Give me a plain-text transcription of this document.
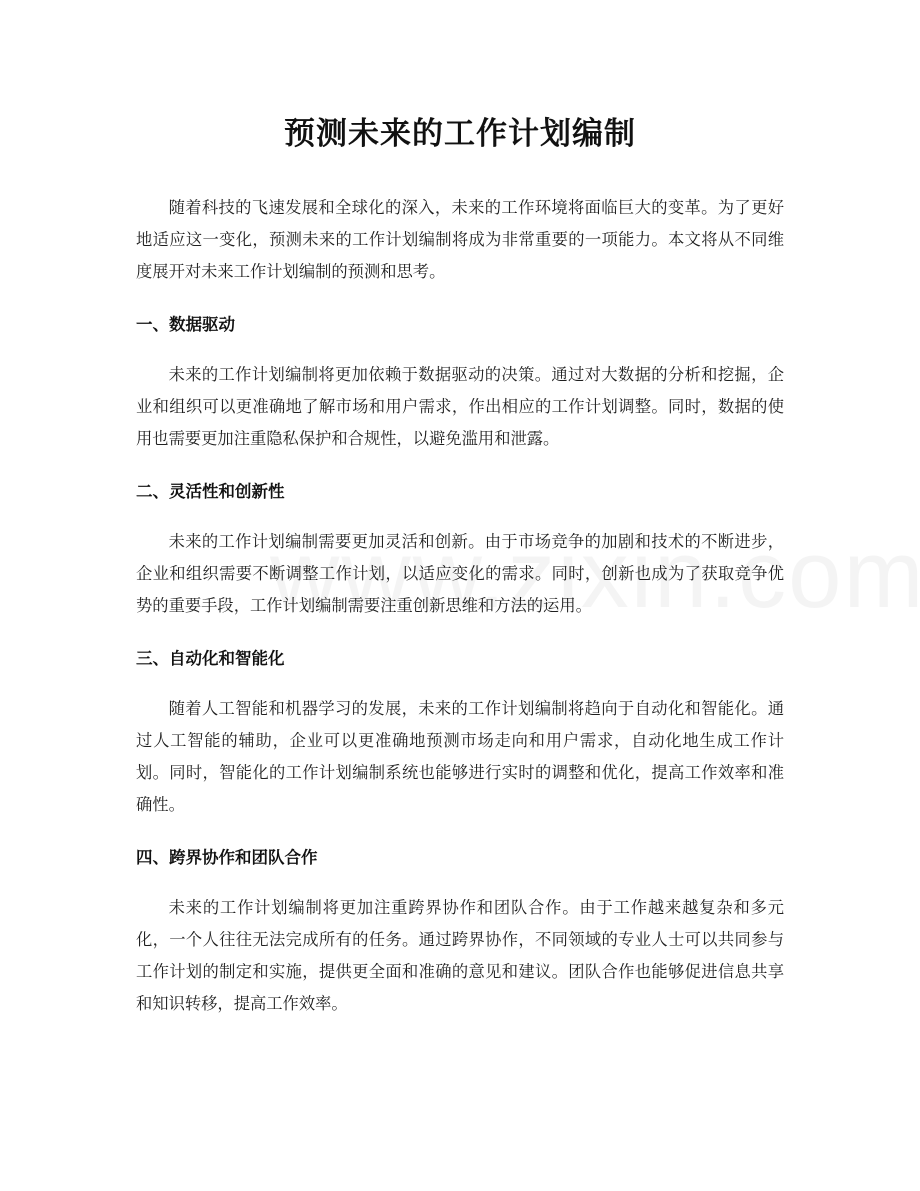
预测未来的工作计划编制

随着科技的飞速发展和全球化的深入，未来的工作环境将面临巨大的变革。为了更好地适应这一变化，预测未来的工作计划编制将成为非常重要的一项能力。本文将从不同维度展开对未来工作计划编制的预测和思考。

一、数据驱动

未来的工作计划编制将更加依赖于数据驱动的决策。通过对大数据的分析和挖掘，企业和组织可以更准确地了解市场和用户需求，作出相应的工作计划调整。同时，数据的使用也需要更加注重隐私保护和合规性，以避免滥用和泄露。

二、灵活性和创新性

未来的工作计划编制需要更加灵活和创新。由于市场竞争的加剧和技术的不断进步，企业和组织需要不断调整工作计划，以适应变化的需求。同时，创新也成为了获取竞争优势的重要手段，工作计划编制需要注重创新思维和方法的运用。

三、自动化和智能化

随着人工智能和机器学习的发展，未来的工作计划编制将趋向于自动化和智能化。通过人工智能的辅助，企业可以更准确地预测市场走向和用户需求，自动化地生成工作计划。同时，智能化的工作计划编制系统也能够进行实时的调整和优化，提高工作效率和准确性。

四、跨界协作和团队合作

未来的工作计划编制将更加注重跨界协作和团队合作。由于工作越来越复杂和多元化，一个人往往无法完成所有的任务。通过跨界协作，不同领域的专业人士可以共同参与工作计划的制定和实施，提供更全面和准确的意见和建议。团队合作也能够促进信息共享和知识转移，提高工作效率。
